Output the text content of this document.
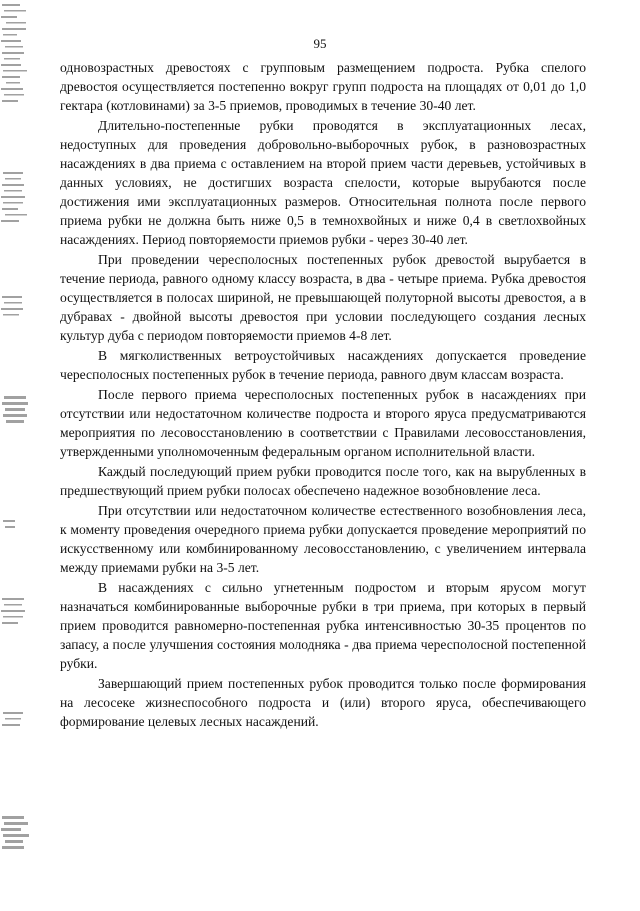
95

одновозрастных древостоях с групповым размещением подроста. Рубка спелого древостоя осуществляется постепенно вокруг групп подроста на площадях от 0,01 до 1,0 гектара (котловинами) за 3-5 приемов, проводимых в течение 30-40 лет.

Длительно-постепенные рубки проводятся в эксплуатационных лесах, недоступных для проведения добровольно-выборочных рубок, в разновозрастных насаждениях в два приема с оставлением на второй прием части деревьев, устойчивых в данных условиях, не достигших возраста спелости, которые вырубаются после достижения ими эксплуатационных размеров. Относительная полнота после первого приема рубки не должна быть ниже 0,5 в темнохвойных и ниже 0,4 в светлохвойных насаждениях. Период повторяемости приемов рубки - через 30-40 лет.

При проведении чересполосных постепенных рубок древостой вырубается в течение периода, равного одному классу возраста, в два - четыре приема. Рубка древостоя осуществляется в полосах шириной, не превышающей полуторной высоты древостоя, а в дубравах - двойной высоты древостоя при условии последующего создания лесных культур дуба с периодом повторяемости приемов 4-8 лет.

В мягколиственных ветроустойчивых насаждениях допускается проведение чересполосных постепенных рубок в течение периода, равного двум классам возраста.

После первого приема чересполосных постепенных рубок в насаждениях при отсутствии или недостаточном количестве подроста и второго яруса предусматриваются мероприятия по лесовосстановлению в соответствии с Правилами лесовосстановления, утвержденными уполномоченным федеральным органом исполнительной власти.

Каждый последующий прием рубки проводится после того, как на вырубленных в предшествующий прием рубки полосах обеспечено надежное возобновление леса.

При отсутствии или недостаточном количестве естественного возобновления леса, к моменту проведения очередного приема рубки допускается проведение мероприятий по искусственному или комбинированному лесовосстановлению, с увеличением интервала между приемами рубки на 3-5 лет.

В насаждениях с сильно угнетенным подростом и вторым ярусом могут назначаться комбинированные выборочные рубки в три приема, при которых в первый прием проводится равномерно-постепенная рубка интенсивностью 30-35 процентов по запасу, а после улучшения состояния молодняка - два приема чересполосной постепенной рубки.

Завершающий прием постепенных рубок проводится только после формирования на лесосеке жизнеспособного подроста и (или) второго яруса, обеспечивающего формирование целевых лесных насаждений.
